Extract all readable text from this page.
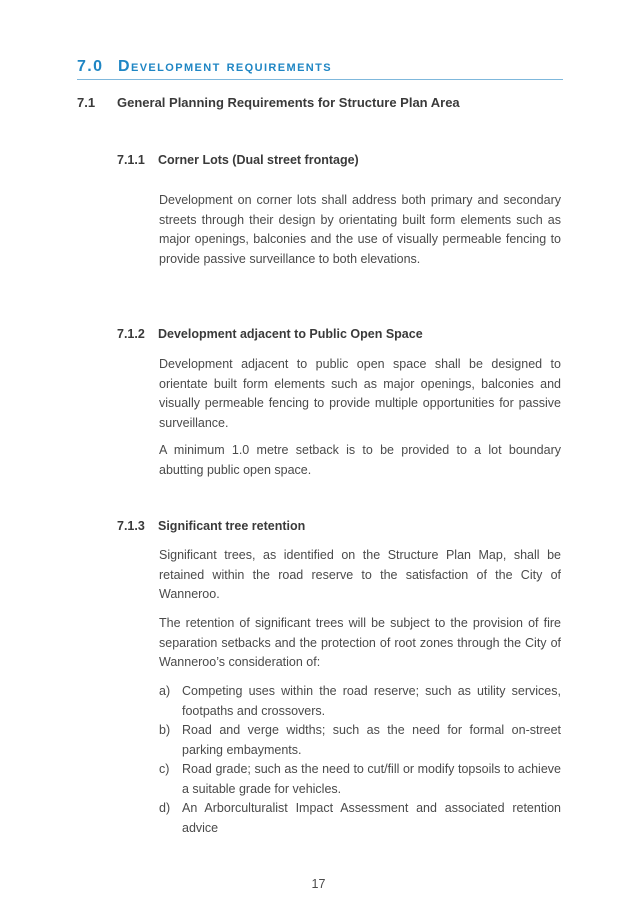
7.0 Development requirements
7.1 General Planning Requirements for Structure Plan Area
7.1.1 Corner Lots (Dual street frontage)

Development on corner lots shall address both primary and secondary streets through their design by orientating built form elements such as major openings, balconies and the use of visually permeable fencing to provide passive surveillance to both elevations.

7.1.2 Development adjacent to Public Open Space

Development adjacent to public open space shall be designed to orientate built form elements such as major openings, balconies and visually permeable fencing to provide multiple opportunities for passive surveillance.

A minimum 1.0 metre setback is to be provided to a lot boundary abutting public open space.

7.1.3 Significant tree retention

Significant trees, as identified on the Structure Plan Map, shall be retained within the road reserve to the satisfaction of the City of Wanneroo.

The retention of significant trees will be subject to the provision of fire separation setbacks and the protection of root zones through the City of Wanneroo’s consideration of:

a) Competing uses within the road reserve; such as utility services, footpaths and crossovers.
b) Road and verge widths; such as the need for formal on-street parking embayments.
c) Road grade; such as the need to cut/fill or modify topsoils to achieve a suitable grade for vehicles.
d) An Arborculturalist Impact Assessment and associated retention advice
17
